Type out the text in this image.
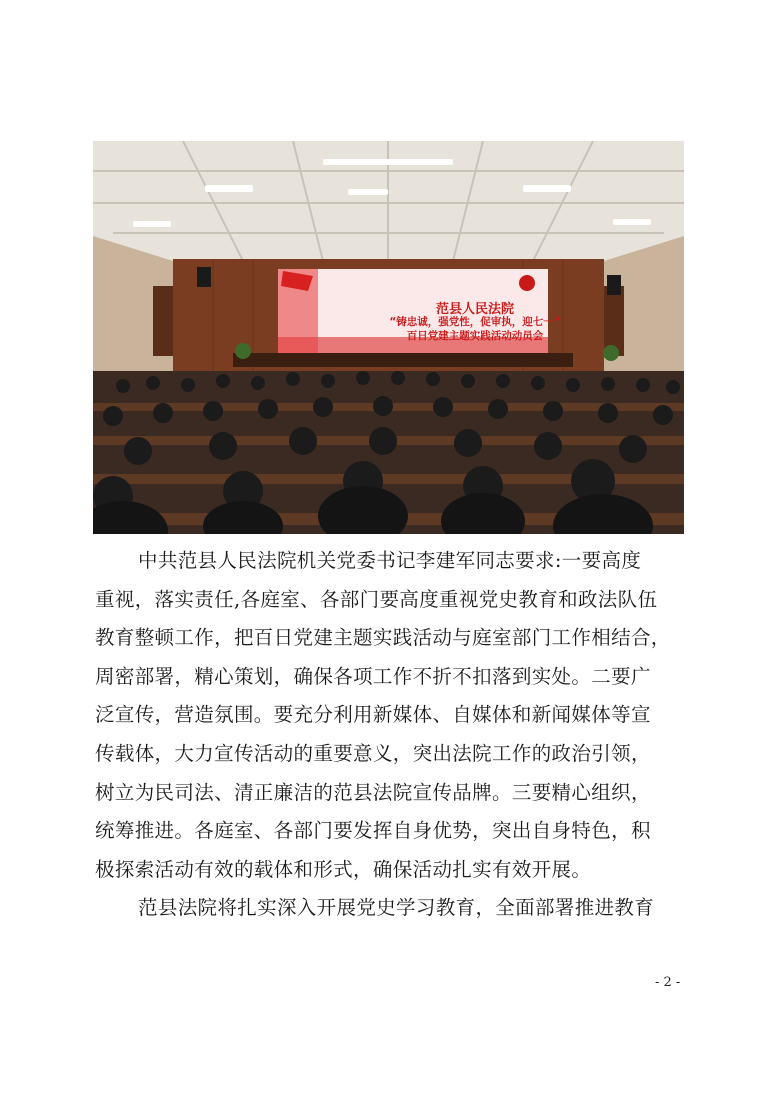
范县人民法院
“铸忠诚，强党性，促审执，迎七一”
百日党建主题实践活动动员会
中共范县人民法院机关党委书记李建军同志要求:一要高度
重视，落实责任,各庭室、各部门要高度重视党史教育和政法队伍
教育整顿工作，把百日党建主题实践活动与庭室部门工作相结合，
周密部署，精心策划，确保各项工作不折不扣落到实处。二要广
泛宣传，营造氛围。要充分利用新媒体、自媒体和新闻媒体等宣
传载体，大力宣传活动的重要意义，突出法院工作的政治引领，
树立为民司法、清正廉洁的范县法院宣传品牌。三要精心组织，
统筹推进。各庭室、各部门要发挥自身优势，突出自身特色，积
极探索活动有效的载体和形式，确保活动扎实有效开展。
范县法院将扎实深入开展党史学习教育，全面部署推进教育
- 2 -
